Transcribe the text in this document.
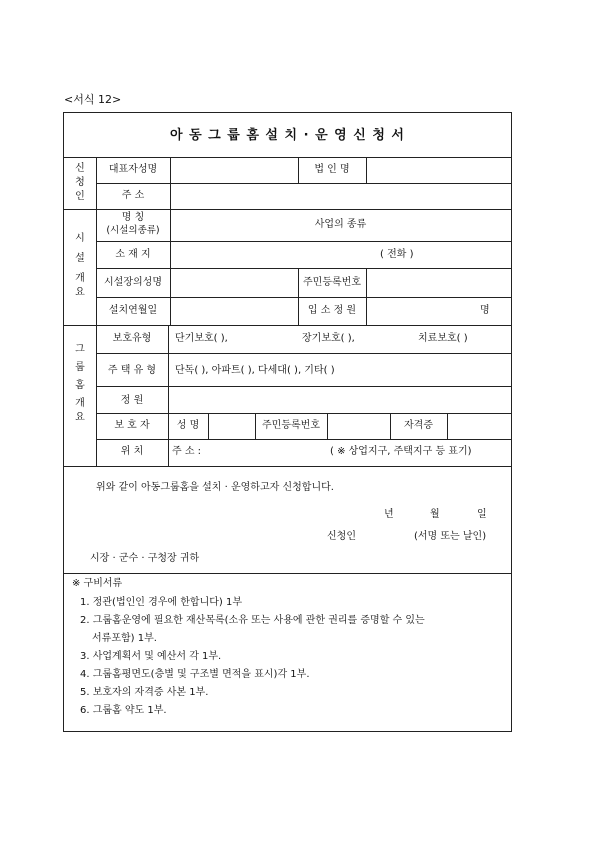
<서식 12>
아 동 그 룹 홈 설 치 · 운 영 신 청 서
신
청
인
대표자성명	법 인 명
주 소
시
설
개
요
명 칭
(시설의종류)
사업의 종류
소 재 지	( 전화 )
시설장의성명	주민등록번호
설치연월일	입 소 정 원	명
그
룹
홈
개
요
보호유형	단기보호( ),	장기보호( ),	치료보호( )
주 택 유 형	단독( ), 아파트( ), 다세대( ), 기타( )
정 원
보 호 자	성 명	주민등록번호	자격증
위 치	주 소 :	( ※ 상업지구, 주택지구 등 표기)
위와 같이 아동그룹홈을 설치 · 운영하고자 신청합니다.
년	월	일
신청인	(서명 또는 날인)
시장 · 군수 · 구청장 귀하
※ 구비서류
1. 정관(법인인 경우에 한합니다) 1부
2. 그룹홈운영에 필요한 재산목록(소유 또는 사용에 관한 권리를 증명할 수 있는
서류포함) 1부.
3. 사업계획서 및 예산서 각 1부.
4. 그룹홈평면도(층별 및 구조별 면적을 표시)각 1부.
5. 보호자의 자격증 사본 1부.
6. 그룹홈 약도 1부.
